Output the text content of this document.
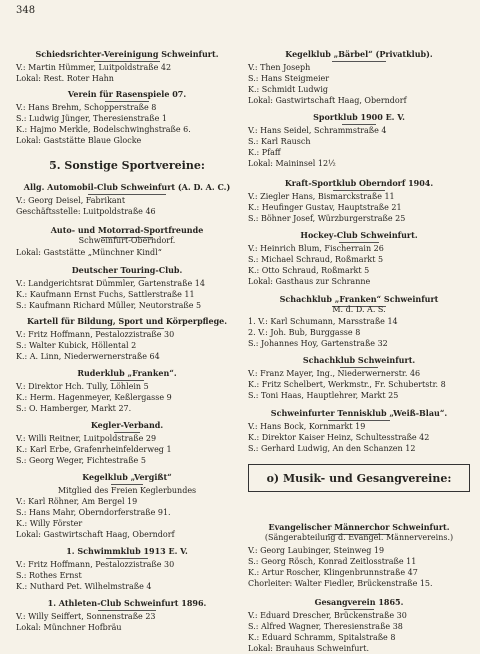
348
Schiedsrichter-Vereinigung Schweinfurt.
V.: Martin Hümmer, Luitpoldstraße 42
Lokal: Rest. Roter Hahn
Verein für Rasenspiele 07.
V.: Hans Brehm, Schopperstraße 8
S.: Ludwig Jünger, Theresienstraße 1
K.: Hajmo Merkle, Bodelschwinghstraße 6.
Lokal: Gaststätte Blaue Glocke
5. Sonstige Sportvereine:
Allg. Automobil-Club Schweinfurt (A. D. A. C.)
V.: Georg Deisel, Fabrikant
Geschäftsstelle: Luitpoldstraße 46
Auto- und Motorrad-Sportfreunde
Schweinfurt-Oberndorf.
Lokal: Gaststätte „Münchner Kindl“
Deutscher Touring-Club.
V.: Landgerichtsrat Dümmler, Gartenstraße 14
K.: Kaufmann Ernst Fuchs, Sattlerstraße 11
S.: Kaufmann Richard Müller, Neutorstraße 5
Kartell für Bildung, Sport und Körperpflege.
V.: Fritz Hoffmann, Pestalozzistraße 30
S.: Walter Kubick, Höllental 2
K.: A. Linn, Niederwernerstraße 64
Ruderklub „Franken“.
V.: Direktor Hch. Tully, Löhlein 5
K.: Herm. Hagenmeyer, Keßlergasse 9
S.: O. Hamberger, Markt 27.
Kegler-Verband.
V.: Willi Reitner, Luitpoldstraße 29
K.: Karl Erbe, Grafenrheinfelderweg 1
S.: Georg Weger, Fichtestraße 5
Kegelklub „Vergißt“
Mitglied des Freien Keglerbundes
V.: Karl Röhner, Am Bergel 19
S.: Hans Mahr, Oberndorferstraße 91.
K.: Willy Förster
Lokal: Gastwirtschaft Haag, Oberndorf
1. Schwimmklub 1913 E. V.
V.: Fritz Hoffmann, Pestalozzistraße 30
S.: Rothes Ernst
K.: Nuthard Pet. Wilhelmstraße 4
1. Athleten-Club Schweinfurt 1896.
V.: Willy Seiffert, Sonnenstraße 23
Lokal: Münchner Hofbräu
Kegelklub „Bärbel“ (Privatklub).
V.: Then Joseph
S.: Hans Steigmeier
K.: Schmidt Ludwig
Lokal: Gastwirtschaft Haag, Oberndorf
Sportklub 1900 E. V.
V.: Hans Seidel, Schrammstraße 4
S.: Karl Rausch
K.: Pfaff
Lokal: Maininsel 12½
Kraft-Sportklub Oberndorf 1904.
V.: Ziegler Hans, Bismarckstraße 11
K.: Heufinger Gustav, Hauptstraße 21
S.: Böhner Josef, Würzburgerstraße 25
Hockey-Club Schweinfurt.
V.: Heinrich Blum, Fischerrain 26
S.: Michael Schraud, Roßmarkt 5
K.: Otto Schraud, Roßmarkt 5
Lokal: Gasthaus zur Schranne
Schachklub „Franken“ Schweinfurt
M. d. D. A. S.
1. V.: Karl Schumann, Marsstraße 14
2. V.: Joh. Bub, Burggasse 8
S.: Johannes Hoy, Gartenstraße 32
Schachklub Schweinfurt.
V.: Franz Mayer, Ing., Niederwernerstr. 46
K.: Fritz Schelbert, Werkmstr., Fr. Schubertstr. 8
S.: Toni Haas, Hauptlehrer, Markt 25
Schweinfurter Tennisklub „Weiß-Blau“.
V.: Hans Bock, Kornmarkt 19
K.: Direktor Kaiser Heinz, Schultesstraße 42
S.: Gerhard Ludwig, An den Schanzen 12
o) Musik- und Gesangvereine:
Evangelischer Männerchor Schweinfurt.
(Sängerabteilung d. Evangel. Männervereins.)
V.: Georg Laubinger, Steinweg 19
S.: Georg Rösch, Konrad Zeitlosstraße 11
K.: Artur Roscher, Klingenbrunnstraße 47
Chorleiter: Walter Fiedler, Brückenstraße 15.
Gesangverein 1865.
V.: Eduard Drescher, Brückenstraße 30
S.: Alfred Wagner, Theresienstraße 38
K.: Eduard Schramm, Spitalstraße 8
Lokal: Brauhaus Schweinfurt.
